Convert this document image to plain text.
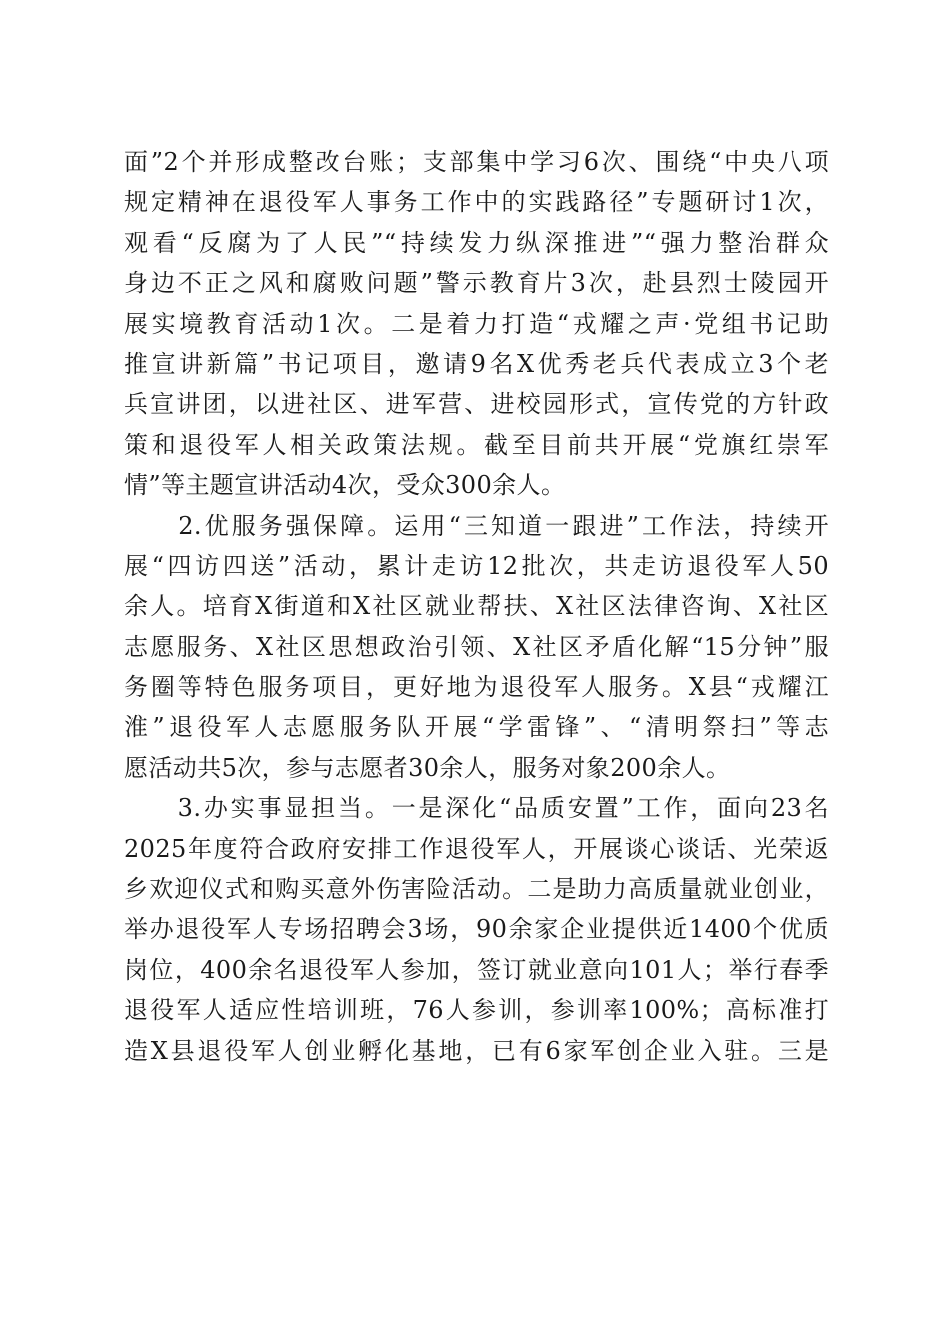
面”2个并形成整改台账；支部集中学习6次、围绕“中央八项
规定精神在退役军人事务工作中的实践路径”专题研讨1次，
观看“反腐为了人民”“持续发力纵深推进”“强力整治群众
身边不正之风和腐败问题”警示教育片3次，赴县烈士陵园开
展实境教育活动1次。二是着力打造“戎耀之声·党组书记助
推宣讲新篇”书记项目，邀请9名X优秀老兵代表成立3个老
兵宣讲团，以进社区、进军营、进校园形式，宣传党的方针政
策和退役军人相关政策法规。截至目前共开展“党旗红崇军
情”等主题宣讲活动4次，受众300余人。
　　2.优服务强保障。运用“三知道一跟进”工作法，持续开
展“四访四送”活动，累计走访12批次，共走访退役军人50
余人。培育X街道和X社区就业帮扶、X社区法律咨询、X社区
志愿服务、X社区思想政治引领、X社区矛盾化解“15分钟”服
务圈等特色服务项目，更好地为退役军人服务。X县“戎耀江
淮”退役军人志愿服务队开展“学雷锋”、“清明祭扫”等志
愿活动共5次，参与志愿者30余人，服务对象200余人。
　　3.办实事显担当。一是深化“品质安置”工作，面向23名
2025年度符合政府安排工作退役军人，开展谈心谈话、光荣返
乡欢迎仪式和购买意外伤害险活动。二是助力高质量就业创业，
举办退役军人专场招聘会3场，90余家企业提供近1400个优质
岗位，400余名退役军人参加，签订就业意向101人；举行春季
退役军人适应性培训班，76人参训，参训率100%；高标准打
造X县退役军人创业孵化基地，已有6家军创企业入驻。三是
